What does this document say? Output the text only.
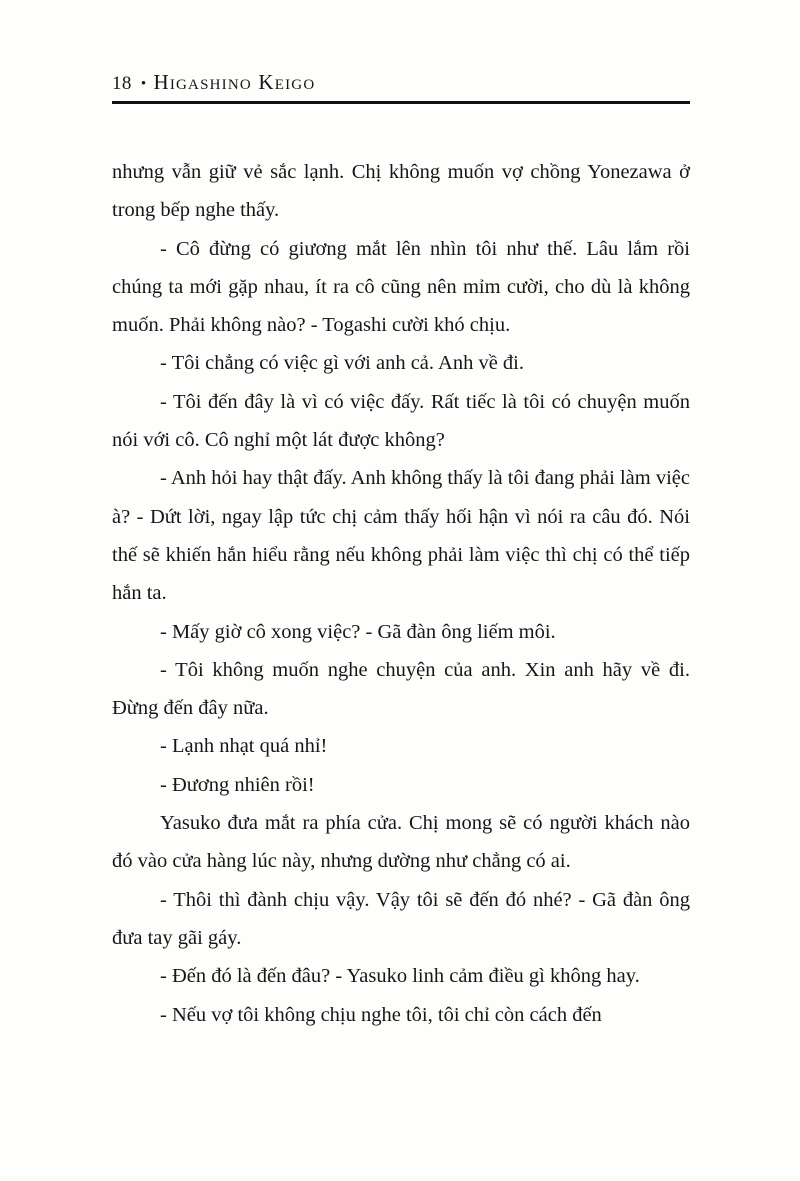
18 • Higashino Keigo

nhưng vẫn giữ vẻ sắc lạnh. Chị không muốn vợ chồng Yonezawa ở trong bếp nghe thấy.

- Cô đừng có giương mắt lên nhìn tôi như thế. Lâu lắm rồi chúng ta mới gặp nhau, ít ra cô cũng nên mỉm cười, cho dù là không muốn. Phải không nào? - Togashi cười khó chịu.

- Tôi chẳng có việc gì với anh cả. Anh về đi.

- Tôi đến đây là vì có việc đấy. Rất tiếc là tôi có chuyện muốn nói với cô. Cô nghỉ một lát được không?

- Anh hỏi hay thật đấy. Anh không thấy là tôi đang phải làm việc à? - Dứt lời, ngay lập tức chị cảm thấy hối hận vì nói ra câu đó. Nói thế sẽ khiến hắn hiểu rằng nếu không phải làm việc thì chị có thể tiếp hắn ta.

- Mấy giờ cô xong việc? - Gã đàn ông liếm môi.

- Tôi không muốn nghe chuyện của anh. Xin anh hãy về đi. Đừng đến đây nữa.

- Lạnh nhạt quá nhỉ!

- Đương nhiên rồi!

Yasuko đưa mắt ra phía cửa. Chị mong sẽ có người khách nào đó vào cửa hàng lúc này, nhưng dường như chẳng có ai.

- Thôi thì đành chịu vậy. Vậy tôi sẽ đến đó nhé? - Gã đàn ông đưa tay gãi gáy.

- Đến đó là đến đâu? - Yasuko linh cảm điều gì không hay.

- Nếu vợ tôi không chịu nghe tôi, tôi chỉ còn cách đến
